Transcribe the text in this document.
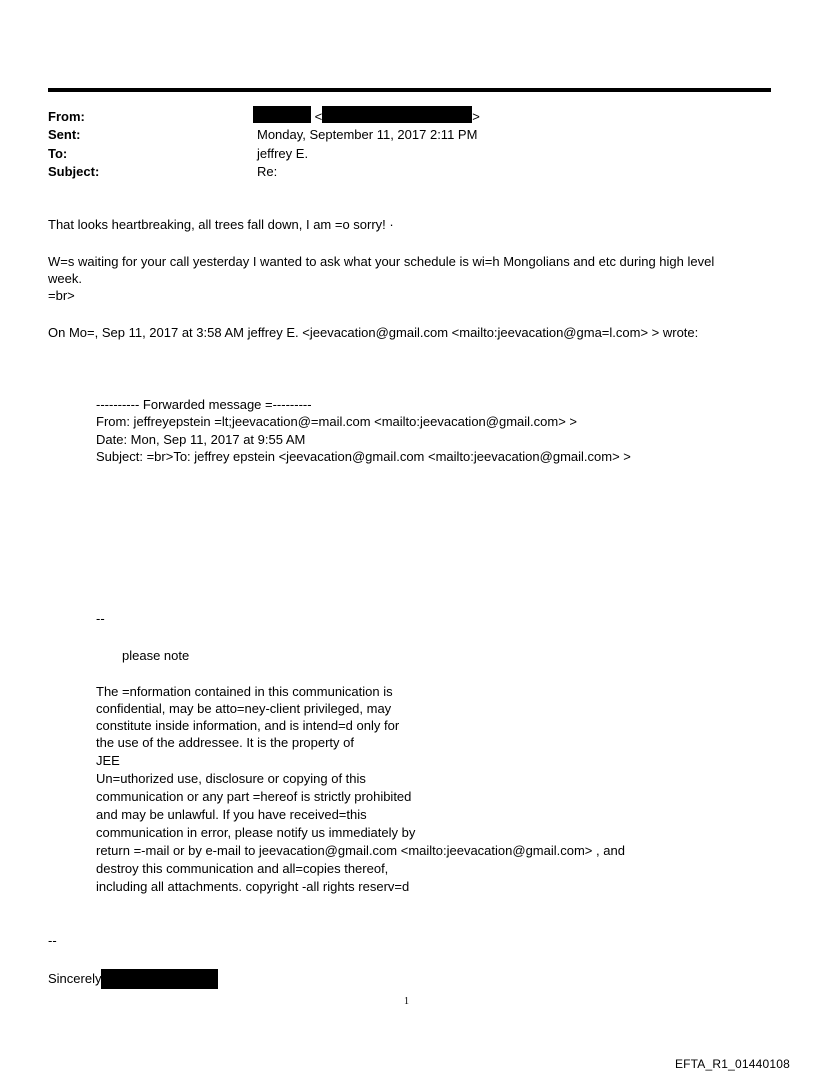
From:
Sent:
To:
Subject:
<	>
Monday, September 11, 2017 2:11 PM
jeffrey E.
Re:
That looks heartbreaking, all trees fall down, I am =o sorry! ·
W=s waiting for your call yesterday I wanted to ask what your schedule is wi=h Mongolians and etc during high level
week.
=br>
On Mo=, Sep 11, 2017 at 3:58 AM jeffrey E. <jeevacation@gmail.com <mailto:jeevacation@gma=l.com> > wrote:
---------- Forwarded message =---------
From: jeffreyepstein =lt;jeevacation@=mail.com <mailto:jeevacation@gmail.com> >
Date: Mon, Sep 11, 2017 at 9:55 AM
Subject: =br>To: jeffrey epstein <jeevacation@gmail.com <mailto:jeevacation@gmail.com> >
--
please note
The =nformation contained in this communication is
confidential, may be atto=ney-client privileged, may
constitute inside information, and is intend=d only for
the use of the addressee. It is the property of
JEE
Un=uthorized use, disclosure or copying of this
communication or any part =hereof is strictly prohibited
and may be unlawful. If you have received=this
communication in error, please notify us immediately by
return =-mail or by e-mail to jeevacation@gmail.com <mailto:jeevacation@gmail.com> , and
destroy this communication and all=copies thereof,
including all attachments. copyright -all rights reserv=d
--
Sincerely
1
EFTA_R1_01440108
